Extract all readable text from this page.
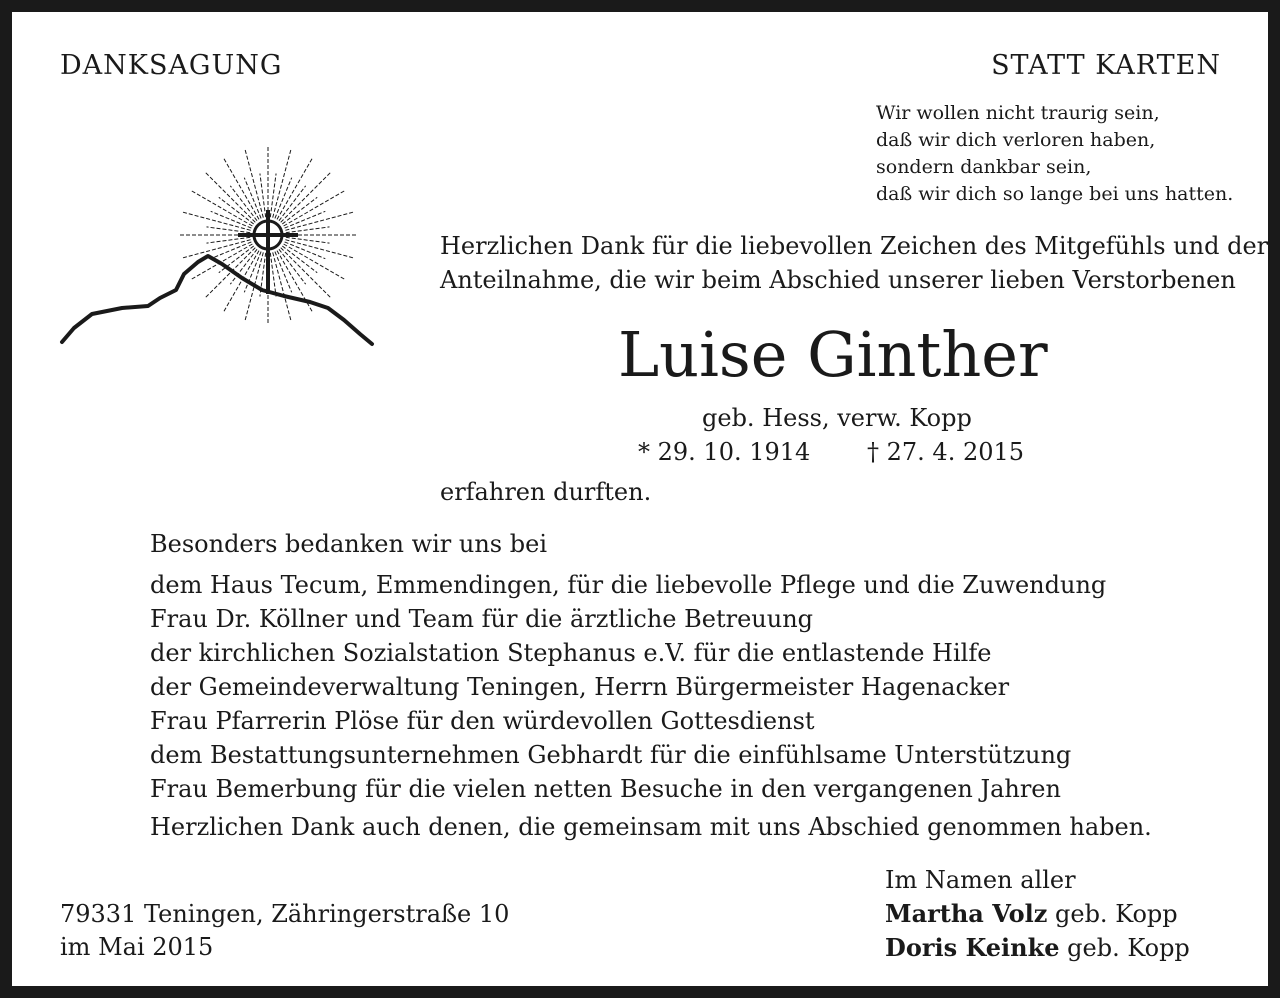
DANKSAGUNG	STATT KARTEN
Wir wollen nicht traurig sein,
daß wir dich verloren haben,
sondern dankbar sein,
daß wir dich so lange bei uns hatten.
Herzlichen Dank für die liebevollen Zeichen des Mitgefühls und der
Anteilnahme, die wir beim Abschied unserer lieben Verstorbenen
Luise Ginther
geb. Hess, verw. Kopp
* 29. 10. 1914 † 27. 4. 2015
erfahren durften.
Besonders bedanken wir uns bei
dem Haus Tecum, Emmendingen, für die liebevolle Pflege und die Zuwendung
Frau Dr. Köllner und Team für die ärztliche Betreuung
der kirchlichen Sozialstation Stephanus e.V. für die entlastende Hilfe
der Gemeindeverwaltung Teningen, Herrn Bürgermeister Hagenacker
Frau Pfarrerin Plöse für den würdevollen Gottesdienst
dem Bestattungsunternehmen Gebhardt für die einfühlsame Unterstützung
Frau Bemerbung für die vielen netten Besuche in den vergangenen Jahren
Herzlichen Dank auch denen, die gemeinsam mit uns Abschied genommen haben.
79331 Teningen, Zähringerstraße 10
im Mai 2015
Im Namen aller
Martha Volz geb. Kopp
Doris Keinke geb. Kopp
